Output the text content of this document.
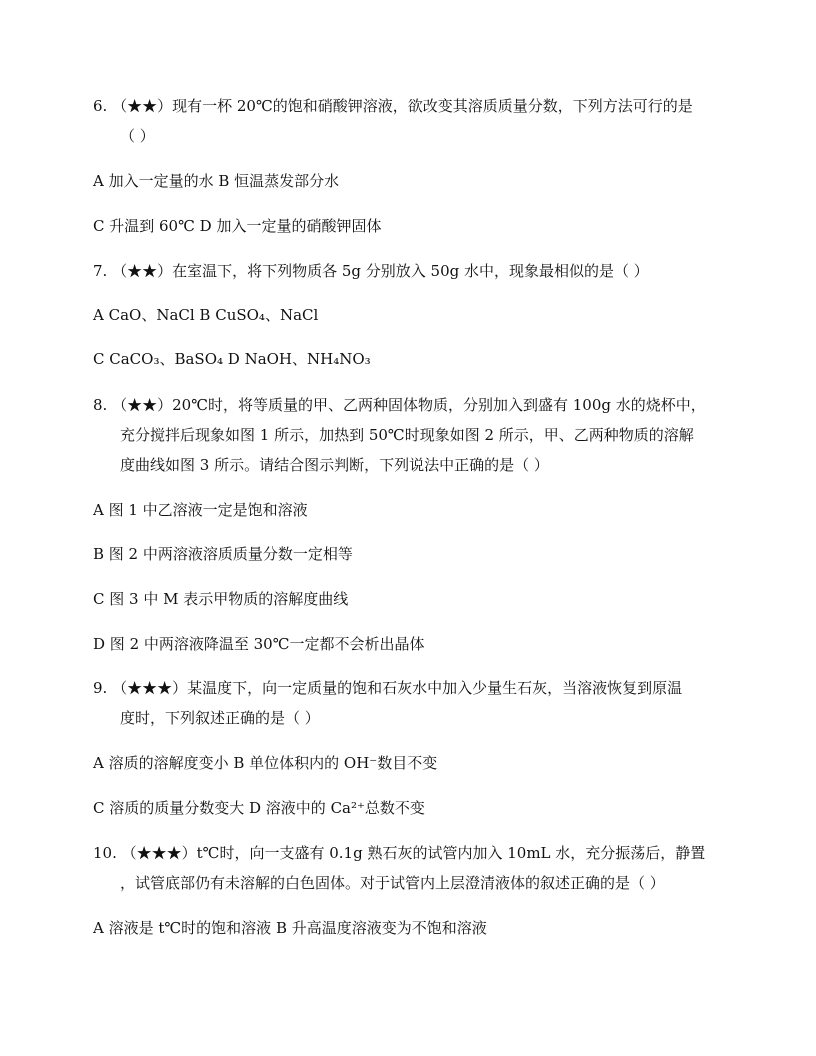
6. （★★）现有一杯 20℃的饱和硝酸钾溶液，欲改变其溶质质量分数，下列方法可行的是
（ ）
A 加入一定量的水 B 恒温蒸发部分水
C 升温到 60℃ D 加入一定量的硝酸钾固体
7. （★★）在室温下，将下列物质各 5g 分别放入 50g 水中，现象最相似的是（ ）
A CaO、NaCl B CuSO₄、NaCl
C CaCO₃、BaSO₄ D NaOH、NH₄NO₃
8. （★★）20℃时，将等质量的甲、乙两种固体物质，分别加入到盛有 100g 水的烧杯中，
充分搅拌后现象如图 1 所示，加热到 50℃时现象如图 2 所示，甲、乙两种物质的溶解
度曲线如图 3 所示。请结合图示判断，下列说法中正确的是（ ）
A 图 1 中乙溶液一定是饱和溶液
B 图 2 中两溶液溶质质量分数一定相等
C 图 3 中 M 表示甲物质的溶解度曲线
D 图 2 中两溶液降温至 30℃一定都不会析出晶体
9. （★★★）某温度下，向一定质量的饱和石灰水中加入少量生石灰，当溶液恢复到原温
度时，下列叙述正确的是（ ）
A 溶质的溶解度变小 B 单位体积内的 OH⁻数目不变
C 溶质的质量分数变大 D 溶液中的 Ca²⁺总数不变
10. （★★★）t℃时，向一支盛有 0.1g 熟石灰的试管内加入 10mL 水，充分振荡后，静置
，试管底部仍有未溶解的白色固体。对于试管内上层澄清液体的叙述正确的是（ ）
A 溶液是 t℃时的饱和溶液 B 升高温度溶液变为不饱和溶液
